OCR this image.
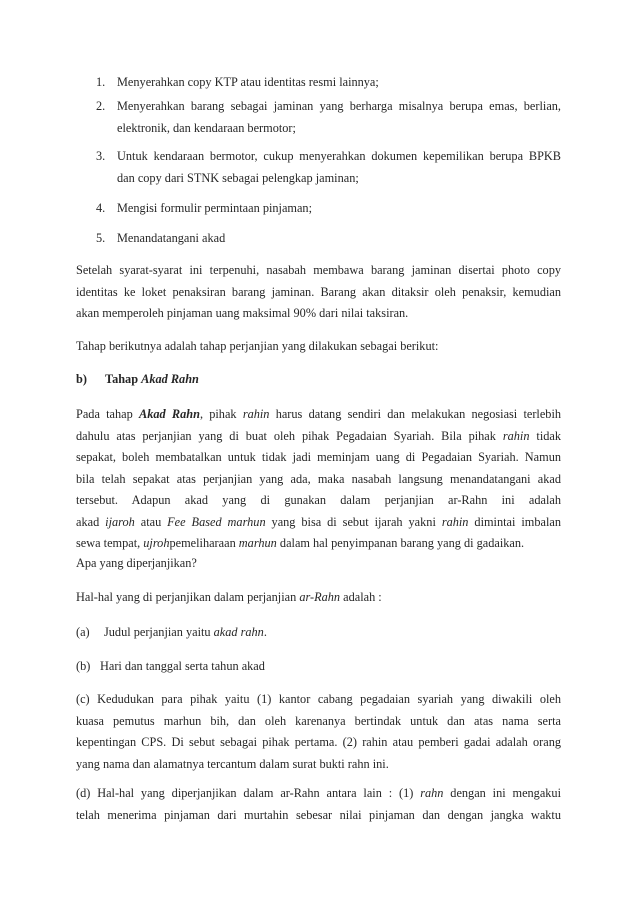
1. Menyerahkan copy KTP atau identitas resmi lainnya;
2. Menyerahkan barang sebagai jaminan yang berharga misalnya berupa emas, berlian,
elektronik, dan kendaraan bermotor;
3. Untuk kendaraan bermotor, cukup menyerahkan dokumen kepemilikan berupa BPKB
dan copy dari STNK sebagai pelengkap jaminan;
4. Mengisi formulir permintaan pinjaman;
5. Menandatangani akad
Setelah syarat-syarat ini terpenuhi, nasabah membawa barang jaminan disertai photo copy
identitas ke loket penaksiran barang jaminan. Barang akan ditaksir oleh penaksir, kemudian
akan memperoleh pinjaman uang maksimal 90% dari nilai taksiran.
Tahap berikutnya adalah tahap perjanjian yang dilakukan sebagai berikut:
b) Tahap Akad Rahn
Pada tahap Akad Rahn, pihak rahin harus datang sendiri dan melakukan negosiasi terlebih
dahulu atas perjanjian yang di buat oleh pihak Pegadaian Syariah. Bila pihak rahin tidak
sepakat, boleh membatalkan untuk tidak jadi meminjam uang di Pegadaian Syariah. Namun
bila telah sepakat atas perjanjian yang ada, maka nasabah langsung menandatangani akad
tersebut. Adapun akad yang di gunakan dalam perjanjian ar-Rahn ini adalah
akad ijaroh atau Fee Based marhun yang bisa di sebut ijarah yakni rahin dimintai imbalan
sewa tempat, ujrohpemeliharaan marhun dalam hal penyimpanan barang yang di gadaikan.
Apa yang diperjanjikan?
Hal-hal yang di perjanjikan dalam perjanjian ar-Rahn adalah :
(a) Judul perjanjian yaitu akad rahn.
(b) Hari dan tanggal serta tahun akad
(c) Kedudukan para pihak yaitu (1) kantor cabang pegadaian syariah yang diwakili oleh
kuasa pemutus marhun bih, dan oleh karenanya bertindak untuk dan atas nama serta
kepentingan CPS. Di sebut sebagai pihak pertama. (2) rahin atau pemberi gadai adalah orang
yang nama dan alamatnya tercantum dalam surat bukti rahn ini.
(d) Hal-hal yang diperjanjikan dalam ar-Rahn antara lain : (1) rahn dengan ini mengakui
telah menerima pinjaman dari murtahin sebesar nilai pinjaman dan dengan jangka waktu
